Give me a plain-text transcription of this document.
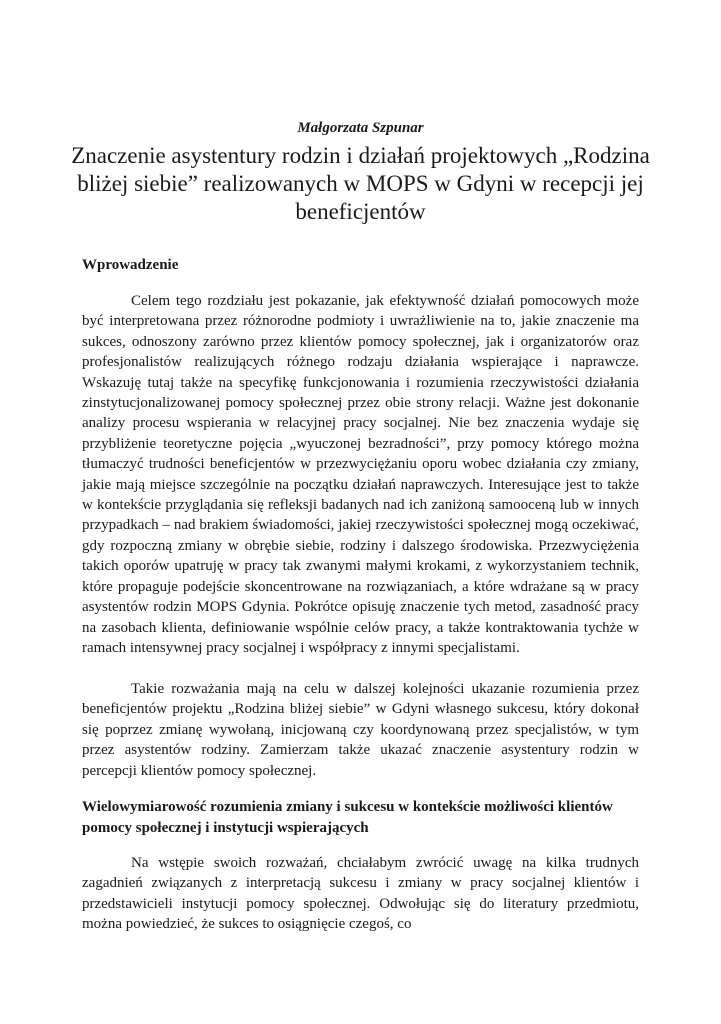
Małgorzata Szpunar
Znaczenie asystentury rodzin i działań projektowych „Rodzina bliżej siebie” realizowanych w MOPS w Gdyni w recepcji jej beneficjentów
Wprowadzenie

Celem tego rozdziału jest pokazanie, jak efektywność działań pomocowych może być interpretowana przez różnorodne podmioty i uwrażliwienie na to, jakie znaczenie ma sukces, odnoszony zarówno przez klientów pomocy społecznej, jak i organizatorów oraz profesjonalistów realizujących różnego rodzaju działania wspierające i naprawcze. Wskazuję tutaj także na specyfikę funkcjonowania i rozumienia rzeczywistości działania zinstytucjonalizowanej pomocy społecznej przez obie strony relacji. Ważne jest dokonanie analizy procesu wspierania w relacyjnej pracy socjalnej. Nie bez znaczenia wydaje się przybliżenie teoretyczne pojęcia „wyuczonej bezradności”, przy pomocy którego można tłumaczyć trudności beneficjentów w przezwyciężaniu oporu wobec działania czy zmiany, jakie mają miejsce szczególnie na początku działań naprawczych. Interesujące jest to także w kontekście przyglądania się refleksji badanych nad ich zaniżoną samooceną lub w innych przypadkach – nad brakiem świadomości, jakiej rzeczywistości społecznej mogą oczekiwać, gdy rozpoczną zmiany w obrębie siebie, rodziny i dalszego środowiska. Przezwyciężenia takich oporów upatruję w pracy tak zwanymi małymi krokami, z wykorzystaniem technik, które propaguje podejście skoncentrowane na rozwiązaniach, a które wdrażane są w pracy asystentów rodzin MOPS Gdynia. Pokrótce opisuję znaczenie tych metod, zasadność pracy na zasobach klienta, definiowanie wspólnie celów pracy, a także kontraktowania tychże w ramach intensywnej pracy socjalnej i współpracy z innymi specjalistami.

Takie rozważania mają na celu w dalszej kolejności ukazanie rozumienia przez beneficjentów projektu „Rodzina bliżej siebie” w Gdyni własnego sukcesu, który dokonał się poprzez zmianę wywołaną, inicjowaną czy koordynowaną przez specjalistów, w tym przez asystentów rodziny. Zamierzam także ukazać znaczenie asystentury rodzin w percepcji klientów pomocy społecznej.

Wielowymiarowość rozumienia zmiany i sukcesu w kontekście możliwości klientów pomocy społecznej i instytucji wspierających

Na wstępie swoich rozważań, chciałabym zwrócić uwagę na kilka trudnych zagadnień związanych z interpretacją sukcesu i zmiany w pracy socjalnej klientów i przedstawicieli instytucji pomocy społecznej. Odwołując się do literatury przedmiotu, można powiedzieć, że sukces to osiągnięcie czegoś, co
